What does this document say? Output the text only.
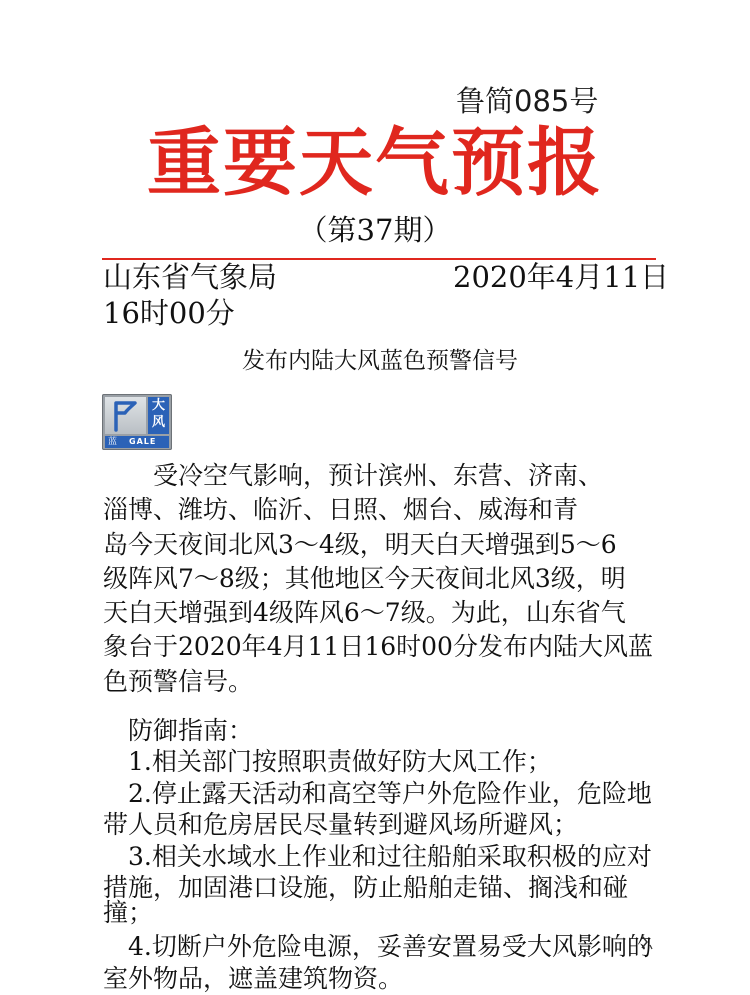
鲁简085号
重要天气预报
（第37期）
山东省气象局	2020年4月11日
16时00分
发布内陆大风蓝色预警信号
大
风
蓝 GALE
　　受冷空气影响，预计滨州、东营、济南、
淄博、潍坊、临沂、日照、烟台、威海和青
岛今天夜间北风3～4级，明天白天增强到5～6
级阵风7～8级；其他地区今天夜间北风3级，明
天白天增强到4级阵风6～7级。为此，山东省气
象台于2020年4月11日16时00分发布内陆大风蓝
色预警信号。
　防御指南：
　1.相关部门按照职责做好防大风工作；
　2.停止露天活动和高空等户外危险作业，危险地
带人员和危房居民尽量转到避风场所避风；
　3.相关水域水上作业和过往船舶采取积极的应对
措施，加固港口设施，防止船舶走锚、搁浅和碰
撞；
　4.切断户外危险电源，妥善安置易受大风影响的
室外物品，遮盖建筑物资。
